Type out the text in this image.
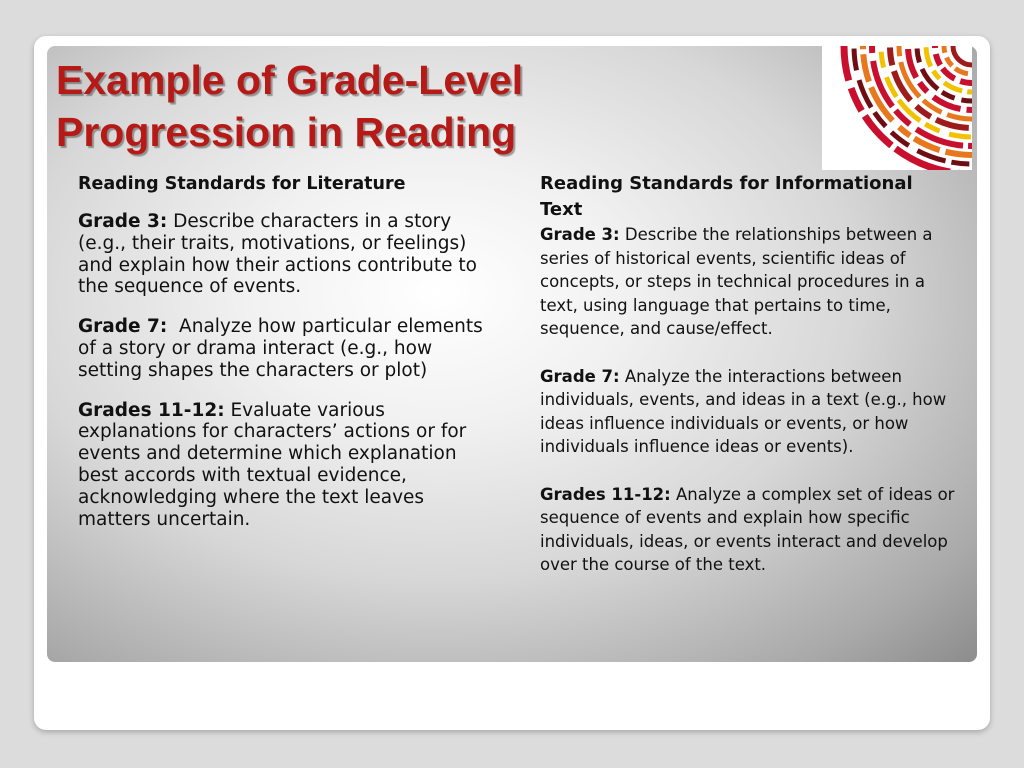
Example of Grade-Level
Progression in Reading

Reading Standards for Literature

Grade 3: Describe characters in a story (e.g., their traits, motivations, or feelings) and explain how their actions contribute to the sequence of events.

Grade 7:  Analyze how particular elements of a story or drama interact (e.g., how setting shapes the characters or plot)

Grades 11-12: Evaluate various explanations for characters’ actions or for events and determine which explanation best accords with textual evidence, acknowledging where the text leaves matters uncertain.

Reading Standards for Informational Text

Grade 3: Describe the relationships between a series of historical events, scientific ideas of concepts, or steps in technical procedures in a text, using language that pertains to time, sequence, and cause/effect.

Grade 7: Analyze the interactions between individuals, events, and ideas in a text (e.g., how ideas influence individuals or events, or how individuals influence ideas or events).

Grades 11-12: Analyze a complex set of ideas or sequence of events and explain how specific individuals, ideas, or events interact and develop over the course of the text.
